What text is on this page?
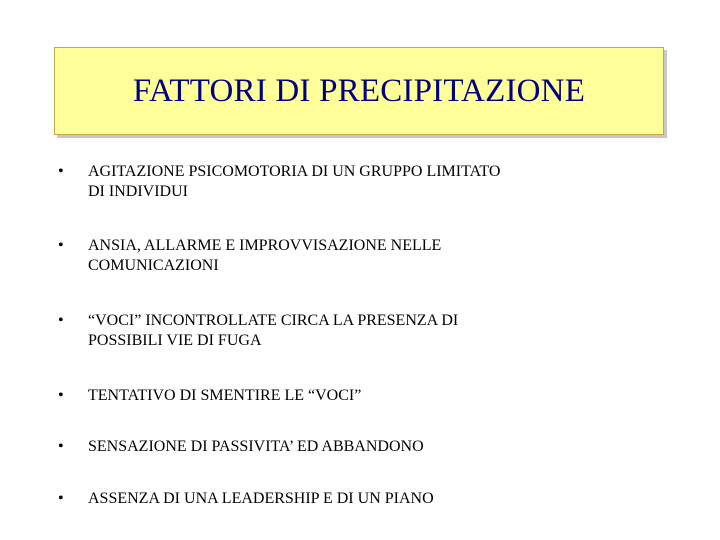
FATTORI DI PRECIPITAZIONE
•	AGITAZIONE PSICOMOTORIA DI UN GRUPPO LIMITATO
DI INDIVIDUI
•	ANSIA, ALLARME E IMPROVVISAZIONE NELLE
COMUNICAZIONI
•	“VOCI” INCONTROLLATE CIRCA LA PRESENZA DI
POSSIBILI VIE DI FUGA
•	TENTATIVO DI SMENTIRE LE “VOCI”
•	SENSAZIONE DI PASSIVITA’ ED ABBANDONO
•	ASSENZA DI UNA LEADERSHIP E DI UN PIANO
